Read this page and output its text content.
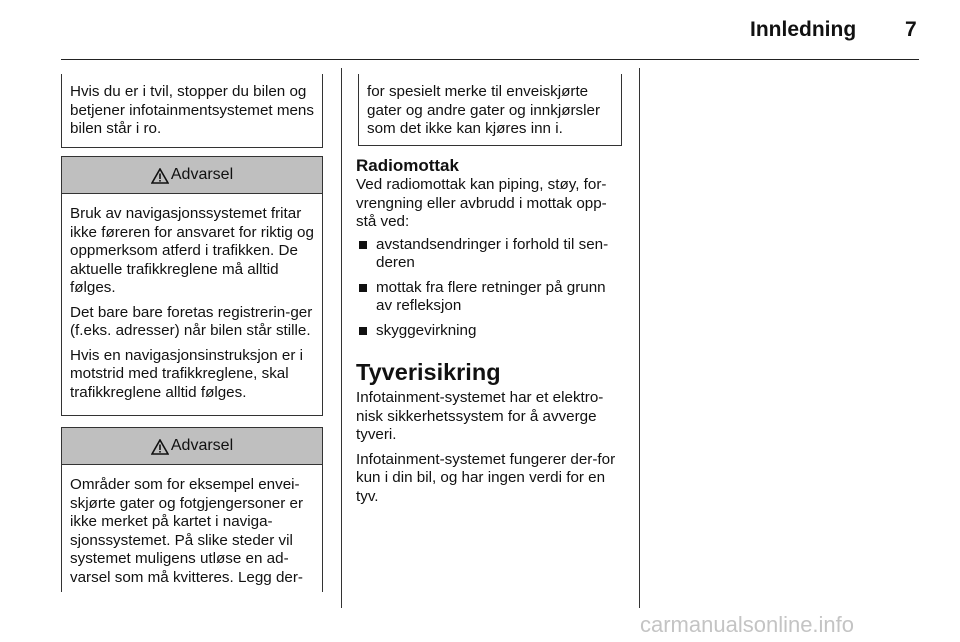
Innledning 7
Hvis du er i tvil, stopper du bilen og betjener infotainmentsystemet mens bilen står i ro.
Advarsel

Bruk av navigasjonssystemet fritar ikke føreren for ansvaret for riktig og oppmerksom atferd i trafikken. De aktuelle trafikkreglene må alltid følges.

Det bare bare foretas registrerin-ger (f.eks. adresser) når bilen står stille.

Hvis en navigasjonsinstruksjon er i motstrid med trafikkreglene, skal trafikkreglene alltid følges.

Advarsel
Områder som for eksempel envei-skjørte gater og fotgjengersoner er ikke merket på kartet i naviga-sjonssystemet. På slike steder vil systemet muligens utløse en ad-varsel som må kvitteres. Legg der-
for spesielt merke til enveiskjørte gater og andre gater og innkjørsler som det ikke kan kjøres inn i.
Radiomottak

Ved radiomottak kan piping, støy, for-vrengning eller avbrudd i mottak opp-stå ved:

avstandsendringer i forhold til sen-deren
mottak fra flere retninger på grunn av refleksjon
skyggevirkning
Tyverisikring

Infotainment-systemet har et elektro-nisk sikkerhetssystem for å avverge tyveri.

Infotainment-systemet fungerer der-for kun i din bil, og har ingen verdi for en tyv.

carmanualsonline.info
